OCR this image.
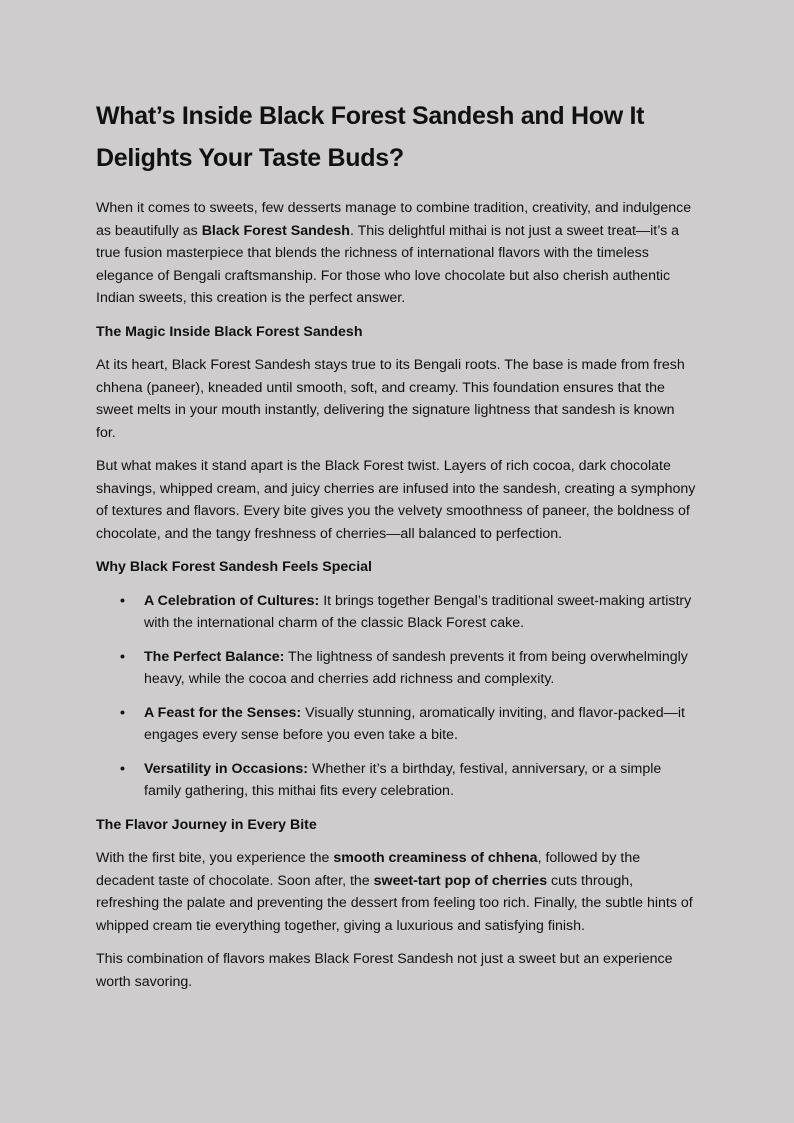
What’s Inside Black Forest Sandesh and How It Delights Your Taste Buds?

When it comes to sweets, few desserts manage to combine tradition, creativity, and indulgence as beautifully as Black Forest Sandesh. This delightful mithai is not just a sweet treat—it’s a true fusion masterpiece that blends the richness of international flavors with the timeless elegance of Bengali craftsmanship. For those who love chocolate but also cherish authentic Indian sweets, this creation is the perfect answer.

The Magic Inside Black Forest Sandesh

At its heart, Black Forest Sandesh stays true to its Bengali roots. The base is made from fresh chhena (paneer), kneaded until smooth, soft, and creamy. This foundation ensures that the sweet melts in your mouth instantly, delivering the signature lightness that sandesh is known for.

But what makes it stand apart is the Black Forest twist. Layers of rich cocoa, dark chocolate shavings, whipped cream, and juicy cherries are infused into the sandesh, creating a symphony of textures and flavors. Every bite gives you the velvety smoothness of paneer, the boldness of chocolate, and the tangy freshness of cherries—all balanced to perfection.

Why Black Forest Sandesh Feels Special
• A Celebration of Cultures: It brings together Bengal’s traditional sweet-making artistry with the international charm of the classic Black Forest cake.
• The Perfect Balance: The lightness of sandesh prevents it from being overwhelmingly heavy, while the cocoa and cherries add richness and complexity.
• A Feast for the Senses: Visually stunning, aromatically inviting, and flavor-packed—it engages every sense before you even take a bite.
• Versatility in Occasions: Whether it’s a birthday, festival, anniversary, or a simple family gathering, this mithai fits every celebration.
The Flavor Journey in Every Bite

With the first bite, you experience the smooth creaminess of chhena, followed by the decadent taste of chocolate. Soon after, the sweet-tart pop of cherries cuts through, refreshing the palate and preventing the dessert from feeling too rich. Finally, the subtle hints of whipped cream tie everything together, giving a luxurious and satisfying finish.

This combination of flavors makes Black Forest Sandesh not just a sweet but an experience worth savoring.
